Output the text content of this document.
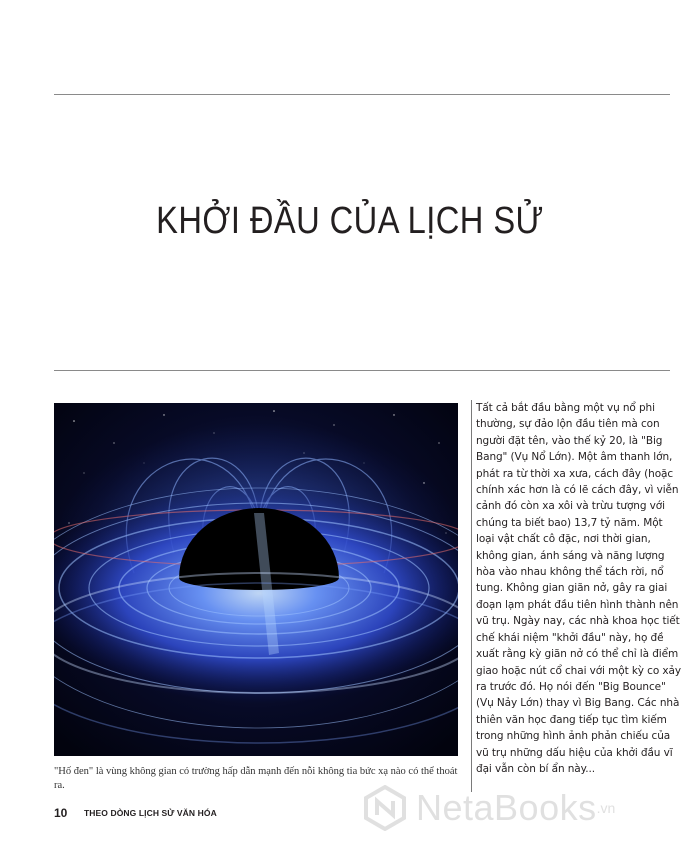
KHỞI ĐẦU CỦA LỊCH SỬ
"Hố đen" là vùng không gian có trường hấp dẫn mạnh đến nỗi không tia bức xạ nào có thể thoát ra.
Tất cả bắt đầu bằng một vụ nổ phi thường, sự đảo lộn đầu tiên mà con người đặt tên, vào thế kỷ 20, là "Big Bang" (Vụ Nổ Lớn). Một âm thanh lớn, phát ra từ thời xa xưa, cách đây (hoặc chính xác hơn là có lẽ cách đây, vì viễn cảnh đó còn xa xôi và trừu tượng với chúng ta biết bao) 13,7 tỷ năm. Một loại vật chất cô đặc, nơi thời gian, không gian, ánh sáng và năng lượng hòa vào nhau không thể tách rời, nổ tung. Không gian giãn nở, gây ra giai đoạn lạm phát đầu tiên hình thành nên vũ trụ. Ngày nay, các nhà khoa học tiết chế khái niệm "khởi đầu" này, họ đề xuất rằng kỳ giãn nở có thể chỉ là điểm giao hoặc nút cổ chai với một kỳ co xảy ra trước đó. Họ nói đến "Big Bounce" (Vụ Nảy Lớn) thay vì Big Bang. Các nhà thiên văn học đang tiếp tục tìm kiếm trong những hình ảnh phản chiếu của vũ trụ những dấu hiệu của khởi đầu vĩ đại vẫn còn bí ẩn này...
10 THEO DÒNG LỊCH SỬ VĂN HÓA	NetaBooks .vn
